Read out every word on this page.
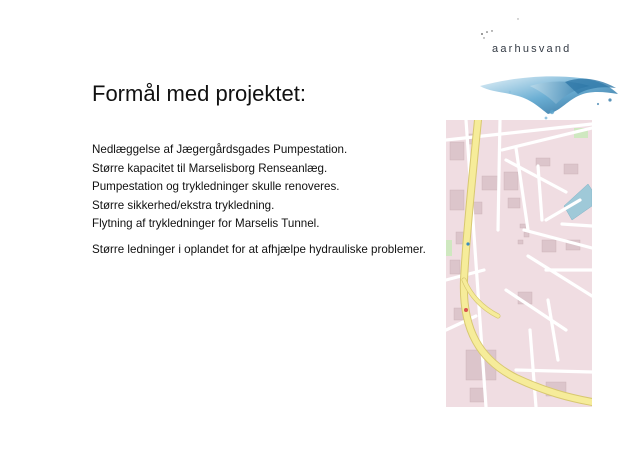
aarhusvand
Formål med projektet:
Nedlæggelse af Jægergårdsgades Pumpestation.
Større kapacitet til Marselisborg Renseanlæg.
Pumpestation og trykledninger skulle renoveres.
Større sikkerhed/ekstra trykledning.
Flytning af trykledninger for Marselis Tunnel.
Større ledninger i oplandet for at afhjælpe hydrauliske problemer.
